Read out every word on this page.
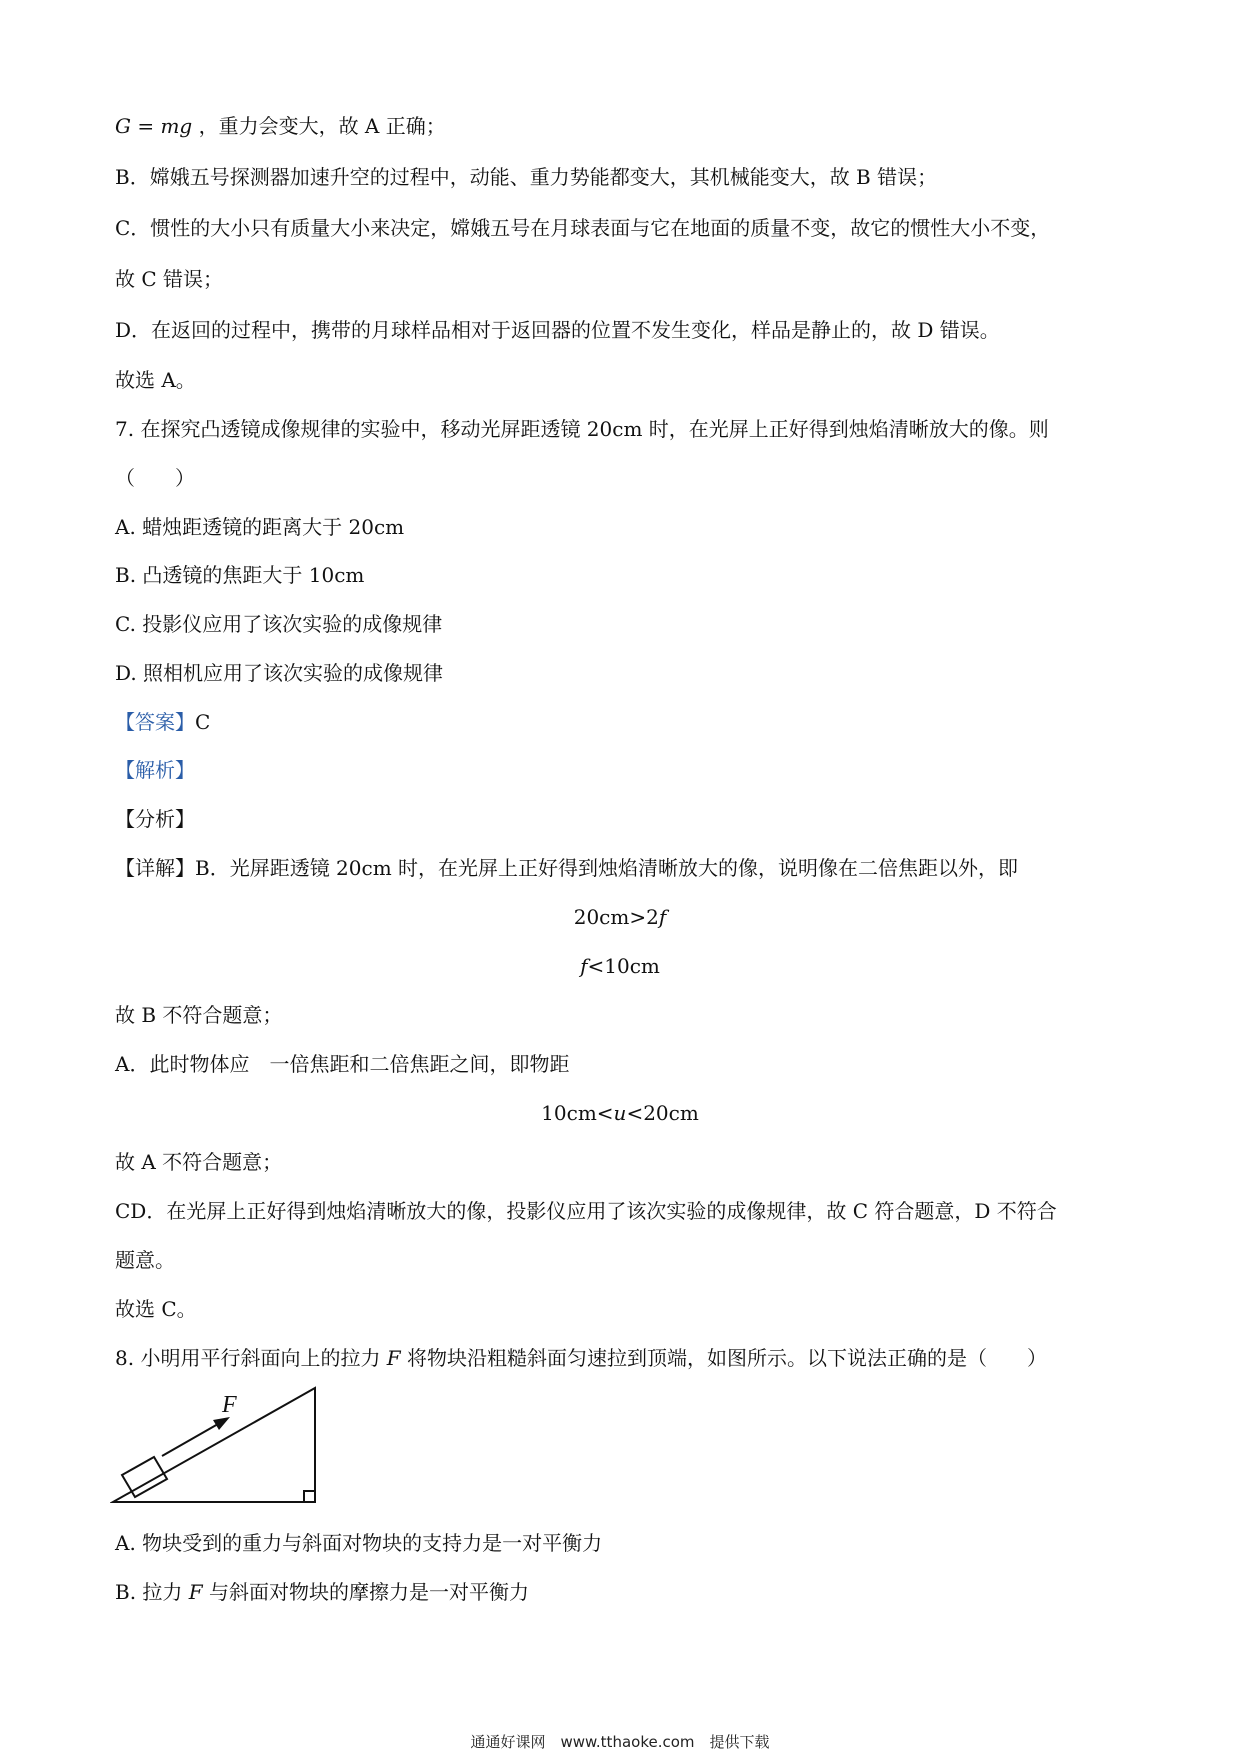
G = mg ，重力会变大，故 A 正确；
B．嫦娥五号探测器加速升空的过程中，动能、重力势能都变大，其机械能变大，故 B 错误；
C．惯性的大小只有质量大小来决定，嫦娥五号在月球表面与它在地面的质量不变，故它的惯性大小不变，
故 C 错误；
D．在返回的过程中，携带的月球样品相对于返回器的位置不发生变化，样品是静止的，故 D 错误。
故选 A。
7. 在探究凸透镜成像规律的实验中，移动光屏距透镜 20cm 时，在光屏上正好得到烛焰清晰放大的像。则
（　　）
A. 蜡烛距透镜的距离大于 20cm
B. 凸透镜的焦距大于 10cm
C. 投影仪应用了该次实验的成像规律
D. 照相机应用了该次实验的成像规律
【答案】C
【解析】
【分析】
【详解】B．光屏距透镜 20cm 时，在光屏上正好得到烛焰清晰放大的像，说明像在二倍焦距以外，即
20cm>2f
f<10cm
故 B 不符合题意；
A．此时物体应　一倍焦距和二倍焦距之间，即物距
10cm<u<20cm
故 A 不符合题意；
CD．在光屏上正好得到烛焰清晰放大的像，投影仪应用了该次实验的成像规律，故 C 符合题意，D 不符合
题意。
故选 C。
8. 小明用平行斜面向上的拉力 F 将物块沿粗糙斜面匀速拉到顶端，如图所示。以下说法正确的是（　　）
F
A. 物块受到的重力与斜面对物块的支持力是一对平衡力
B. 拉力 F 与斜面对物块的摩擦力是一对平衡力
通通好课网　www.tthaoke.com　提供下载
